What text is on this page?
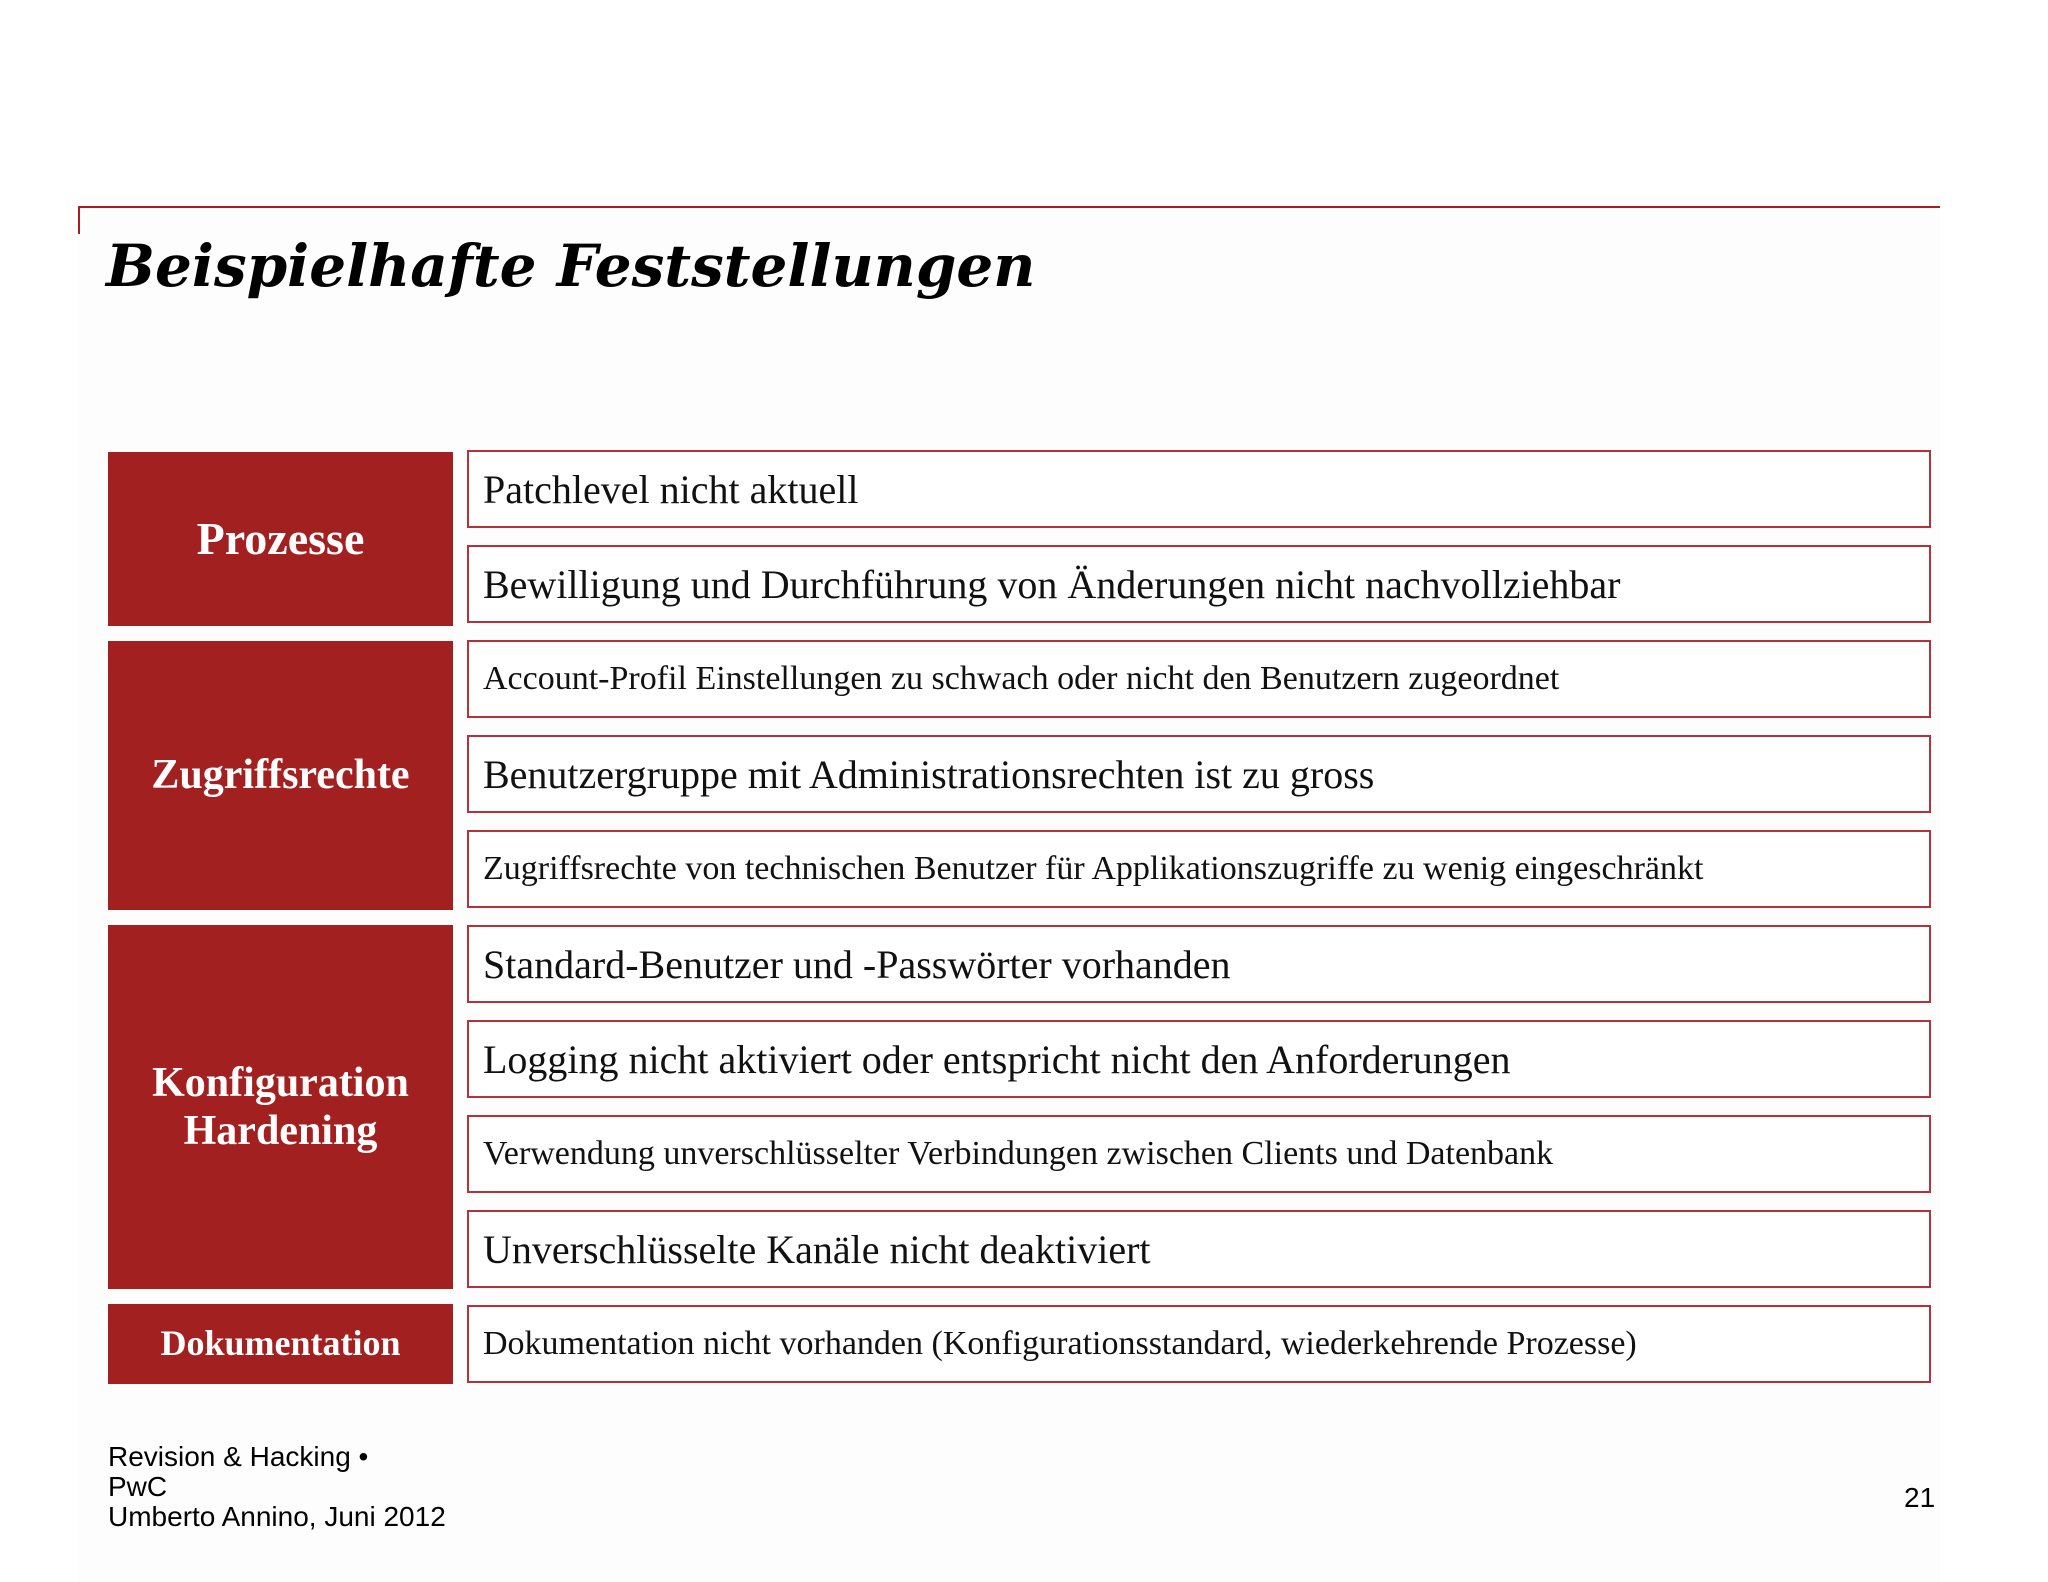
Beispielhafte Feststellungen
Prozesse
Zugriffsrechte
Konfiguration
Hardening
Dokumentation
Patchlevel nicht aktuell
Bewilligung und Durchführung von Änderungen nicht nachvollziehbar
Account-Profil Einstellungen zu schwach oder nicht den Benutzern zugeordnet
Benutzergruppe mit Administrationsrechten ist zu gross
Zugriffsrechte von technischen Benutzer für Applikationszugriffe zu wenig eingeschränkt
Standard-Benutzer und -Passwörter vorhanden
Logging nicht aktiviert oder entspricht nicht den Anforderungen
Verwendung unverschlüsselter Verbindungen zwischen Clients und Datenbank
Unverschlüsselte Kanäle nicht deaktiviert
Dokumentation nicht vorhanden (Konfigurationsstandard, wiederkehrende Prozesse)
Revision & Hacking •
PwC
Umberto Annino, Juni 2012
21
